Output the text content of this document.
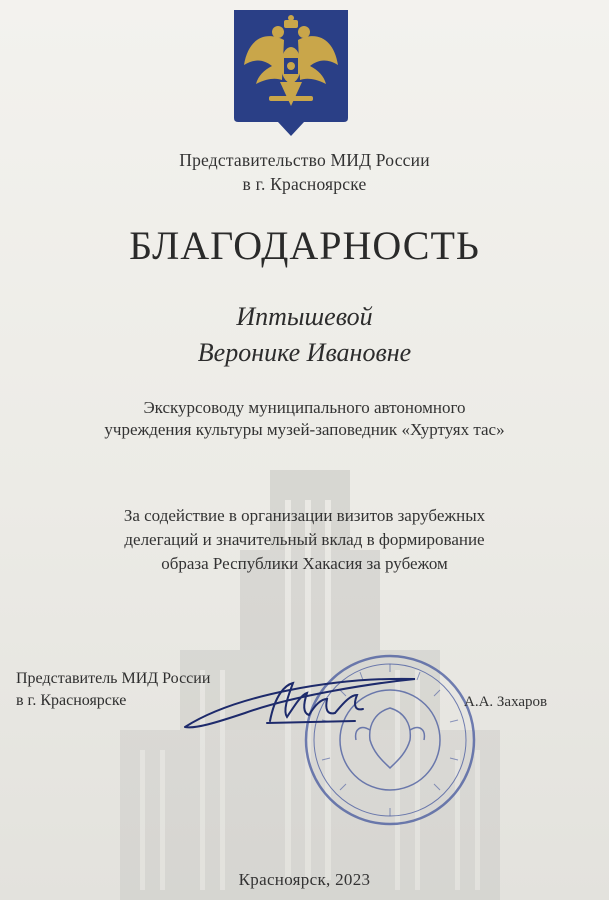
Представительство МИД России
в г. Красноярске
БЛАГОДАРНОСТЬ
Иптышевой
Веронике Ивановне
Экскурсоводу муниципального автономного
учреждения культуры музей-заповедник «Хуртуях тас»
За содействие в организации визитов зарубежных
делегаций и значительный вклад в формирование
образа Республики Хакасия за рубежом
Представитель МИД России
в г. Красноярске	А.А. Захаров
Красноярск, 2023
